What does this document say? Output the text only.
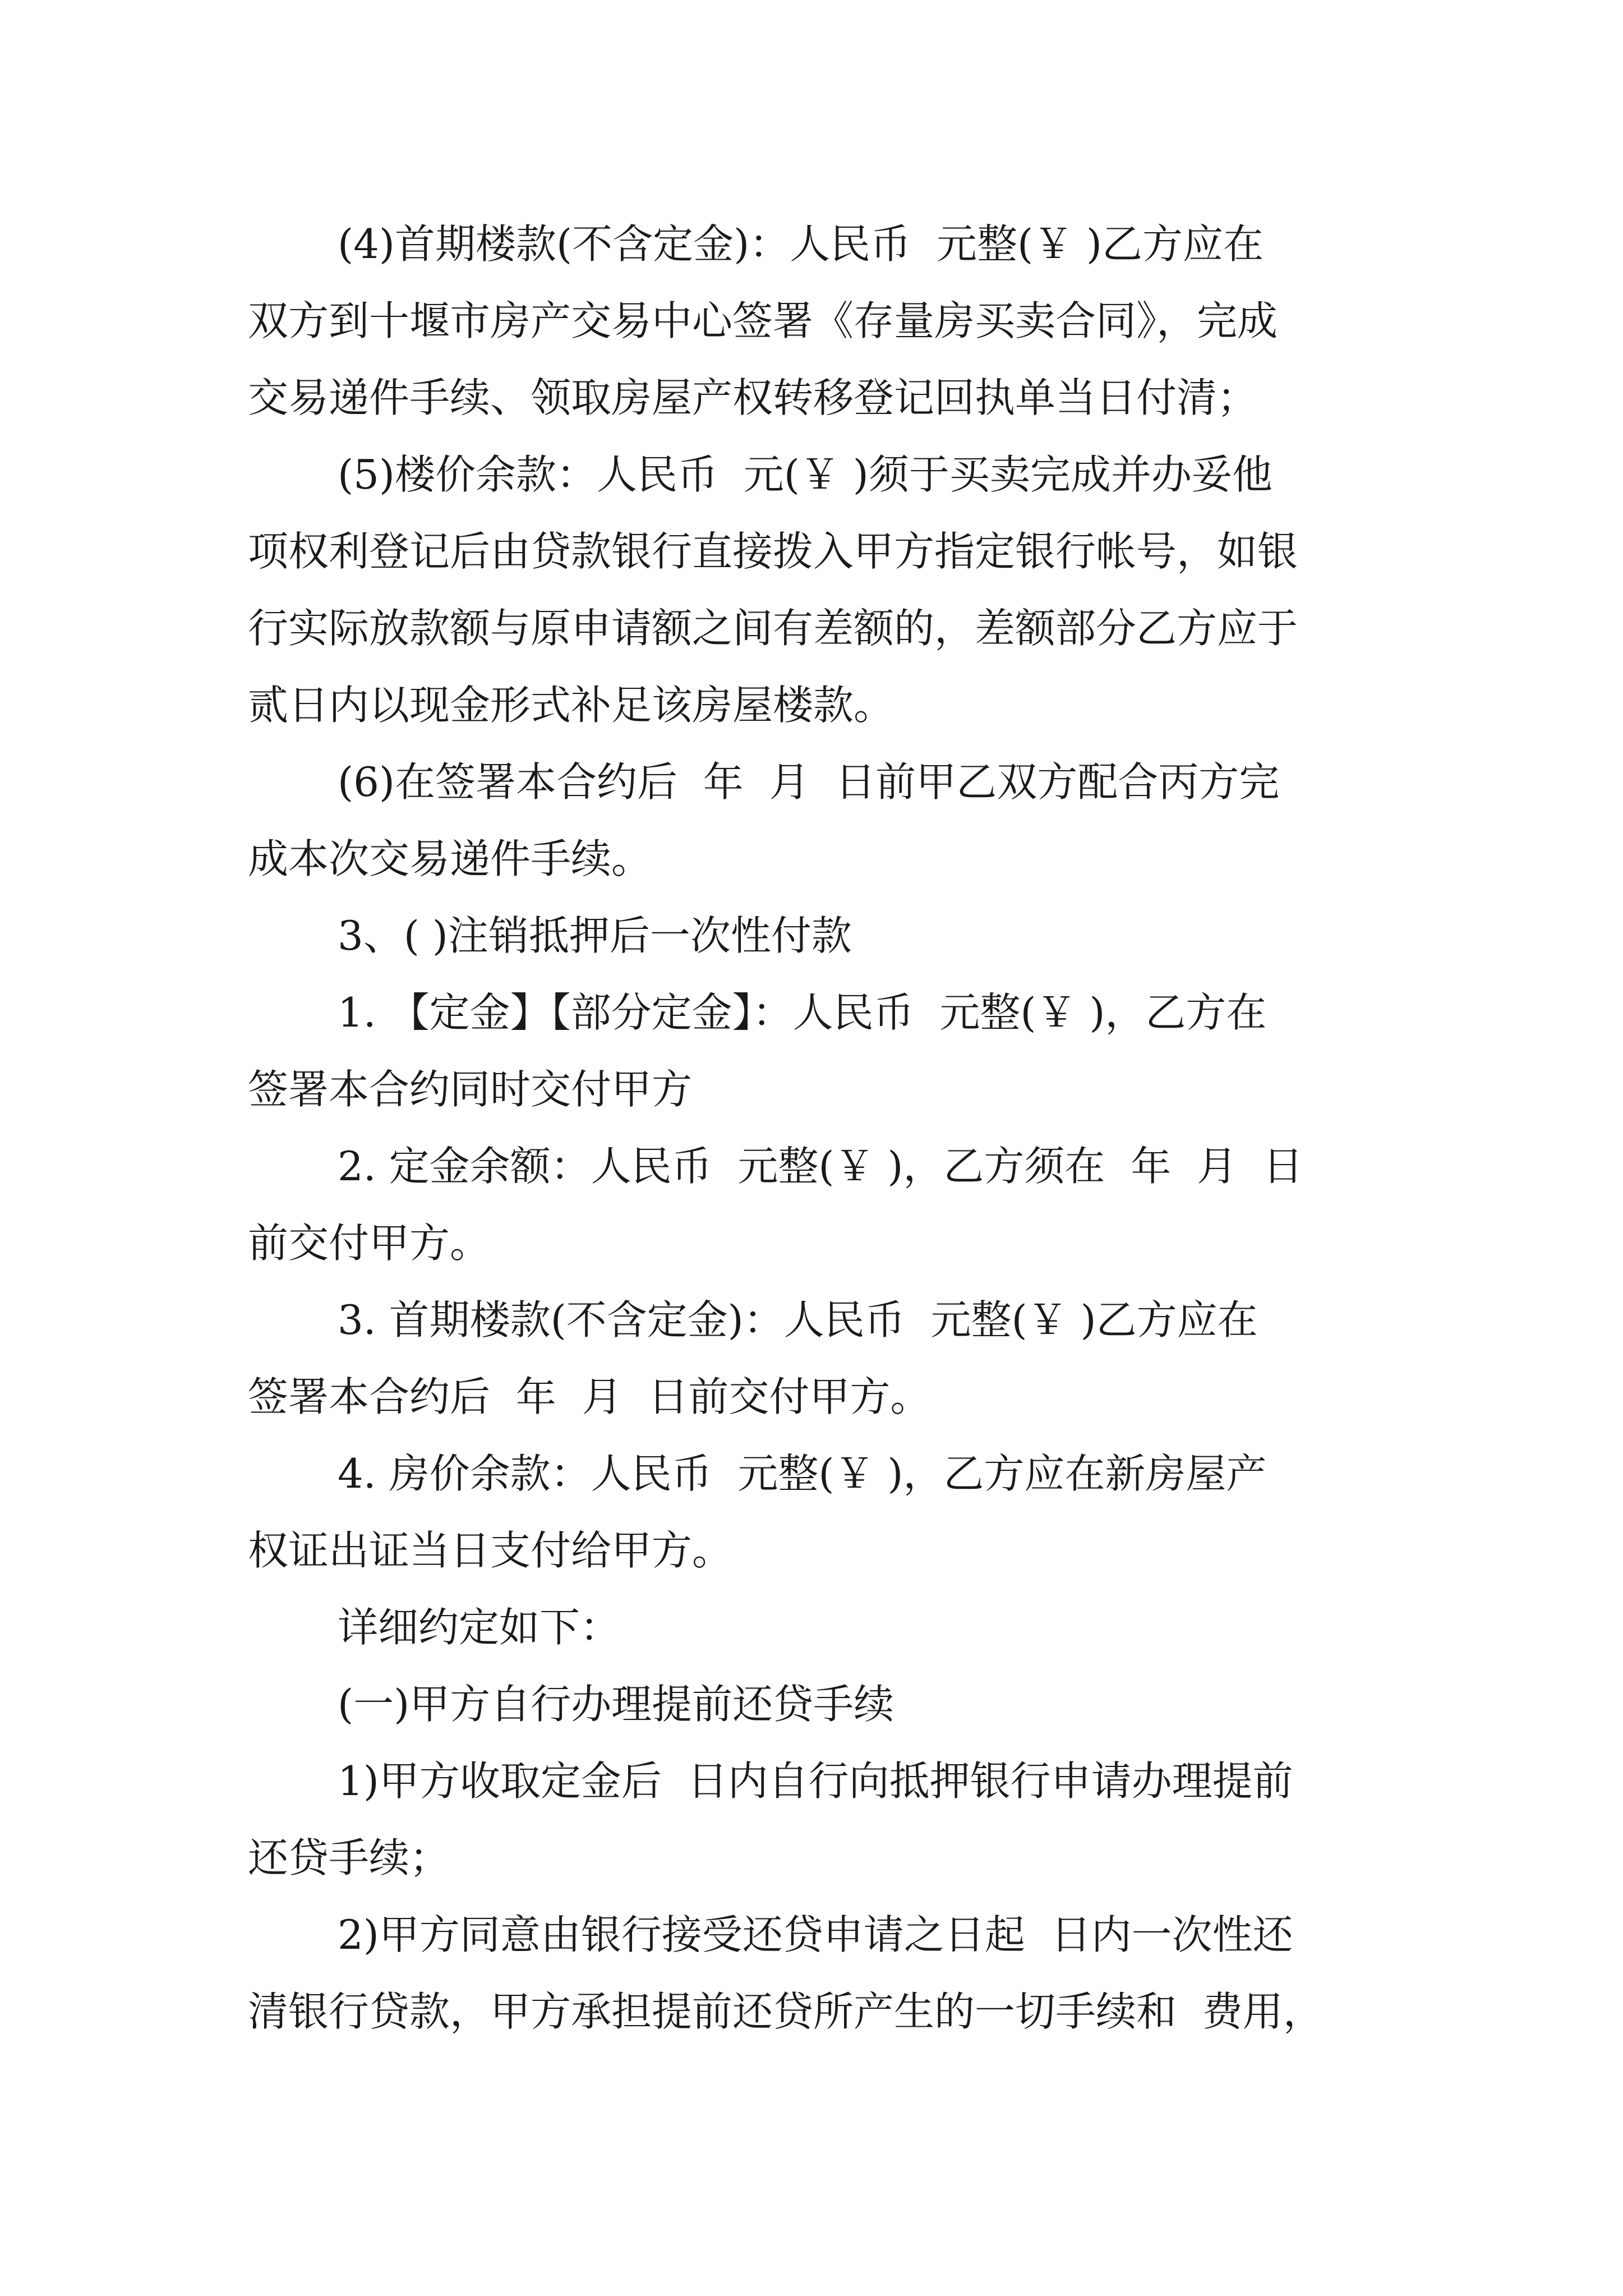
(4)首期楼款(不含定金)：人民币  元整(￥ )乙方应在

双方到十堰市房产交易中心签署《存量房买卖合同》，完成

交易递件手续、领取房屋产权转移登记回执单当日付清；

(5)楼价余款：人民币  元(￥ )须于买卖完成并办妥他

项权利登记后由贷款银行直接拨入甲方指定银行帐号，如银

行实际放款额与原申请额之间有差额的，差额部分乙方应于

贰日内以现金形式补足该房屋楼款。

(6)在签署本合约后  年  月  日前甲乙双方配合丙方完

成本次交易递件手续。

3、( )注销抵押后一次性付款

1. 【定金】【部分定金】：人民币  元整(￥ )，乙方在

签署本合约同时交付甲方

2. 定金余额：人民币  元整(￥ )，乙方须在  年  月  日

前交付甲方。

3. 首期楼款(不含定金)：人民币  元整(￥ )乙方应在

签署本合约后  年  月  日前交付甲方。

4. 房价余款：人民币  元整(￥ )，乙方应在新房屋产

权证出证当日支付给甲方。

详细约定如下：

(一)甲方自行办理提前还贷手续

1)甲方收取定金后  日内自行向抵押银行申请办理提前

还贷手续；

2)甲方同意由银行接受还贷申请之日起  日内一次性还

清银行贷款，甲方承担提前还贷所产生的一切手续和  费用，
